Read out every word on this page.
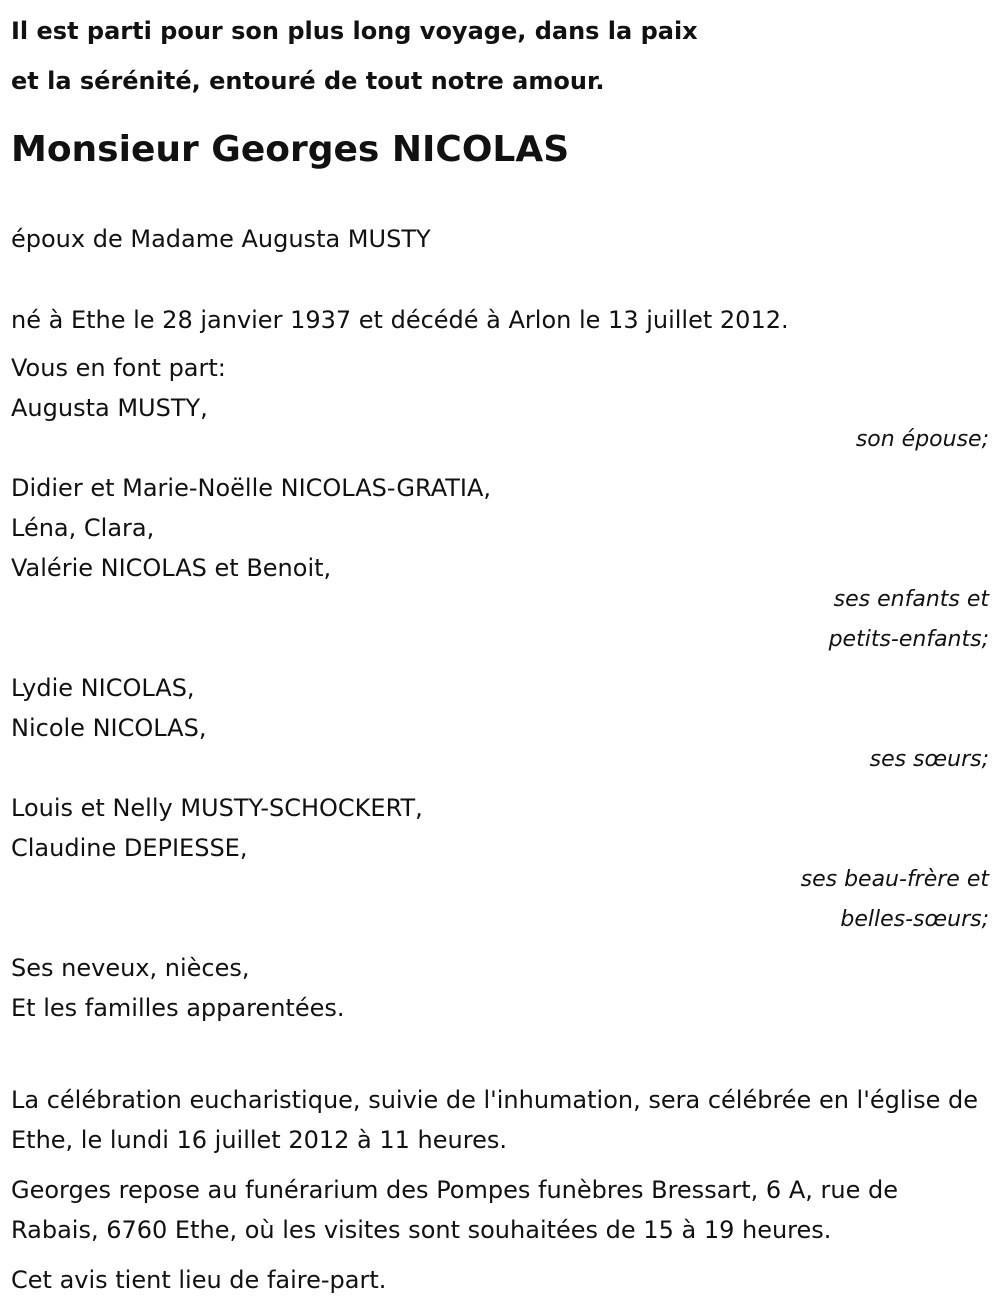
Il est parti pour son plus long voyage, dans la paix
et la sérénité, entouré de tout notre amour.

Monsieur Georges NICOLAS

époux de Madame Augusta MUSTY

né à Ethe le 28 janvier 1937 et décédé à Arlon le 13 juillet 2012.

Vous en font part:
Augusta MUSTY,
son épouse;
Didier et Marie-Noëlle NICOLAS-GRATIA,
Léna, Clara,
Valérie NICOLAS et Benoit,
ses enfants et
petits-enfants;
Lydie NICOLAS,
Nicole NICOLAS,
ses sœurs;
Louis et Nelly MUSTY-SCHOCKERT,
Claudine DEPIESSE,
ses beau-frère et
belles-sœurs;
Ses neveux, nièces,
Et les familles apparentées.

La célébration eucharistique, suivie de l'inhumation, sera célébrée en l'église de Ethe, le lundi 16 juillet 2012 à 11 heures.

Georges repose au funérarium des Pompes funèbres Bressart, 6 A, rue de Rabais, 6760 Ethe, où les visites sont souhaitées de 15 à 19 heures.

Cet avis tient lieu de faire-part.
